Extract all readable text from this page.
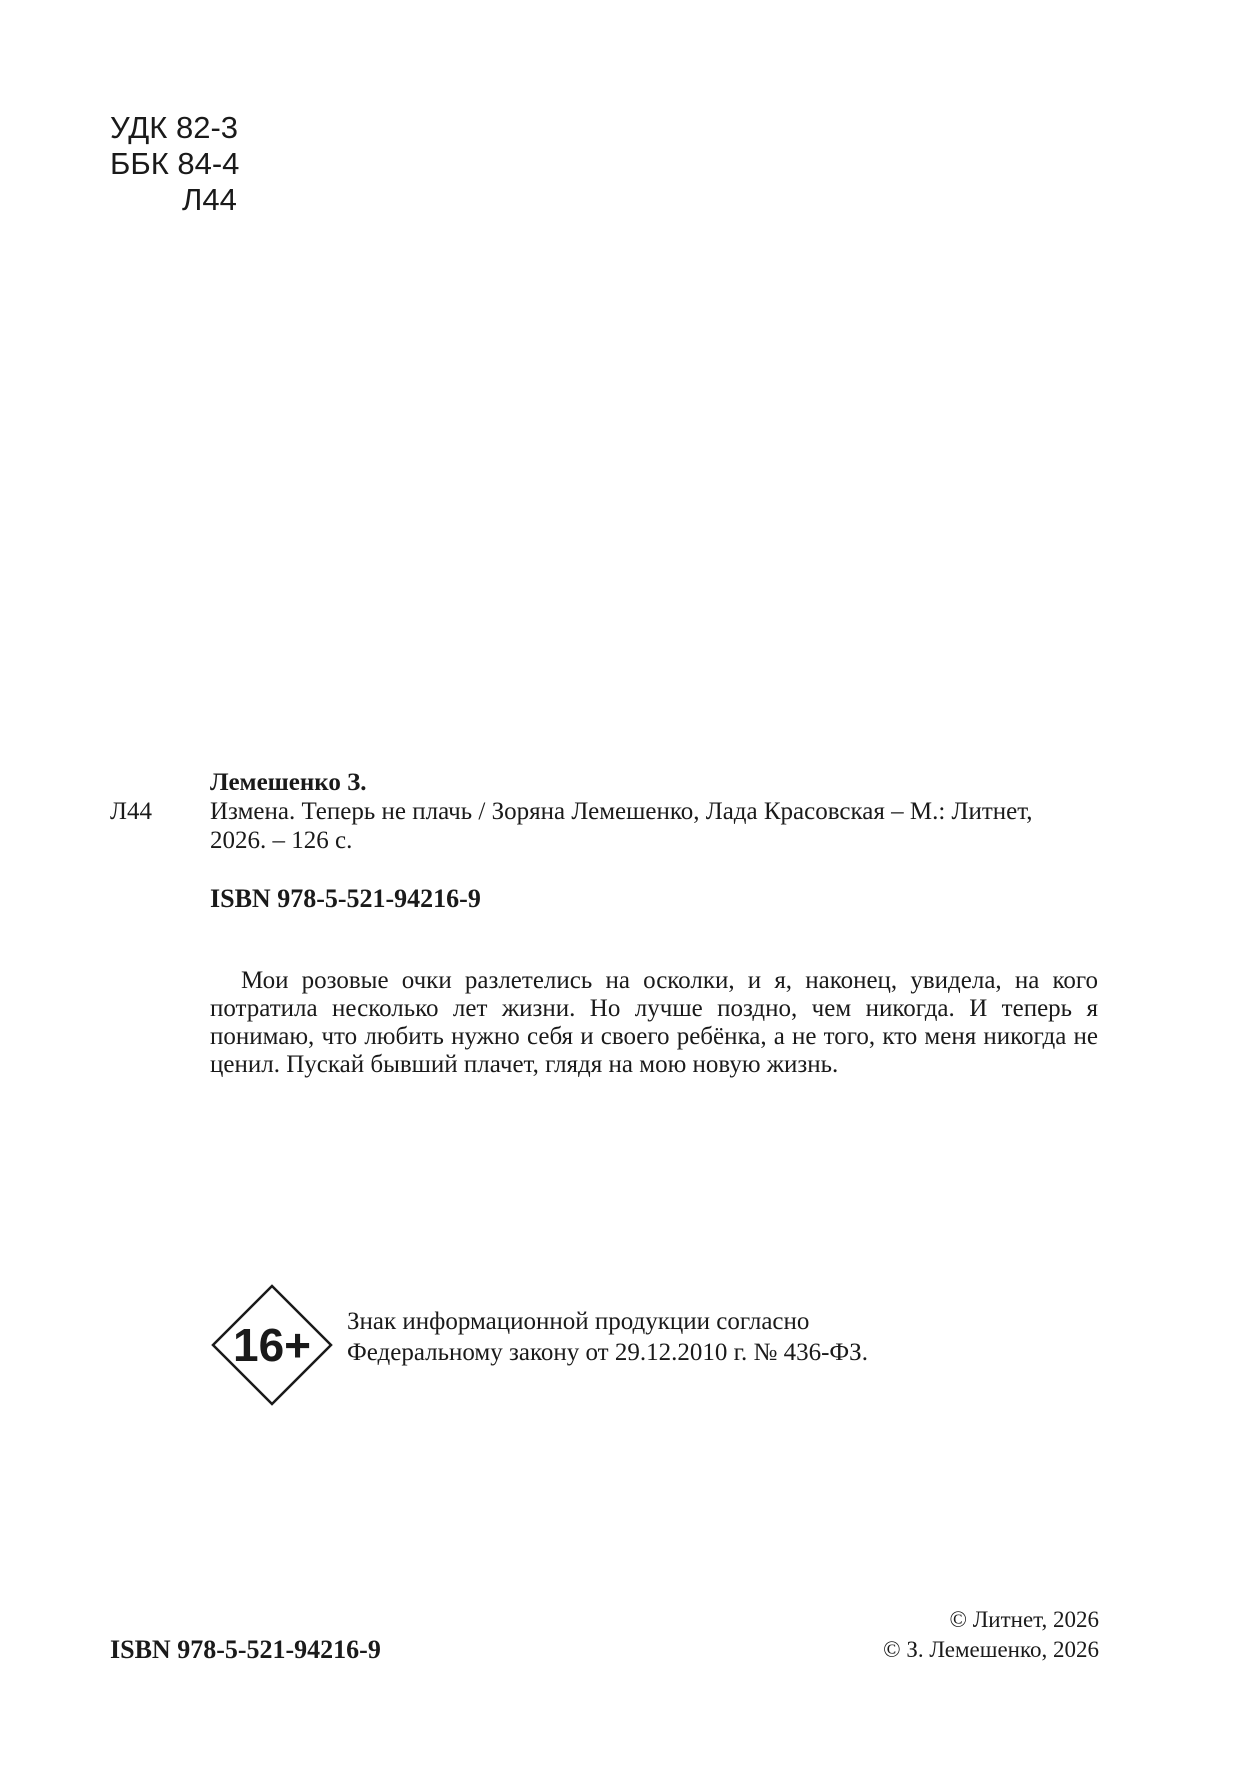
УДК 82-3
ББК 84-4
Л44
Лемешенко З.
Л44	Измена. Теперь не плачь / Зоряна Лемешенко, Лада Красовская – М.: Литнет,
2026. – 126 с.
ISBN 978-5-521-94216-9
Мои розовые очки разлетелись на осколки, и я, наконец, увидела, на кого потратила несколько лет жизни. Но лучше поздно, чем никогда. И теперь я понимаю, что любить нужно себя и своего ребёнка, а не того, кто меня никогда не ценил. Пускай бывший плачет, глядя на мою новую жизнь.
16+ Знак информационной продукции согласно
Федеральному закону от 29.12.2010 г. № 436-ФЗ.
ISBN 978-5-521-94216-9
© Литнет, 2026
© З. Лемешенко, 2026
